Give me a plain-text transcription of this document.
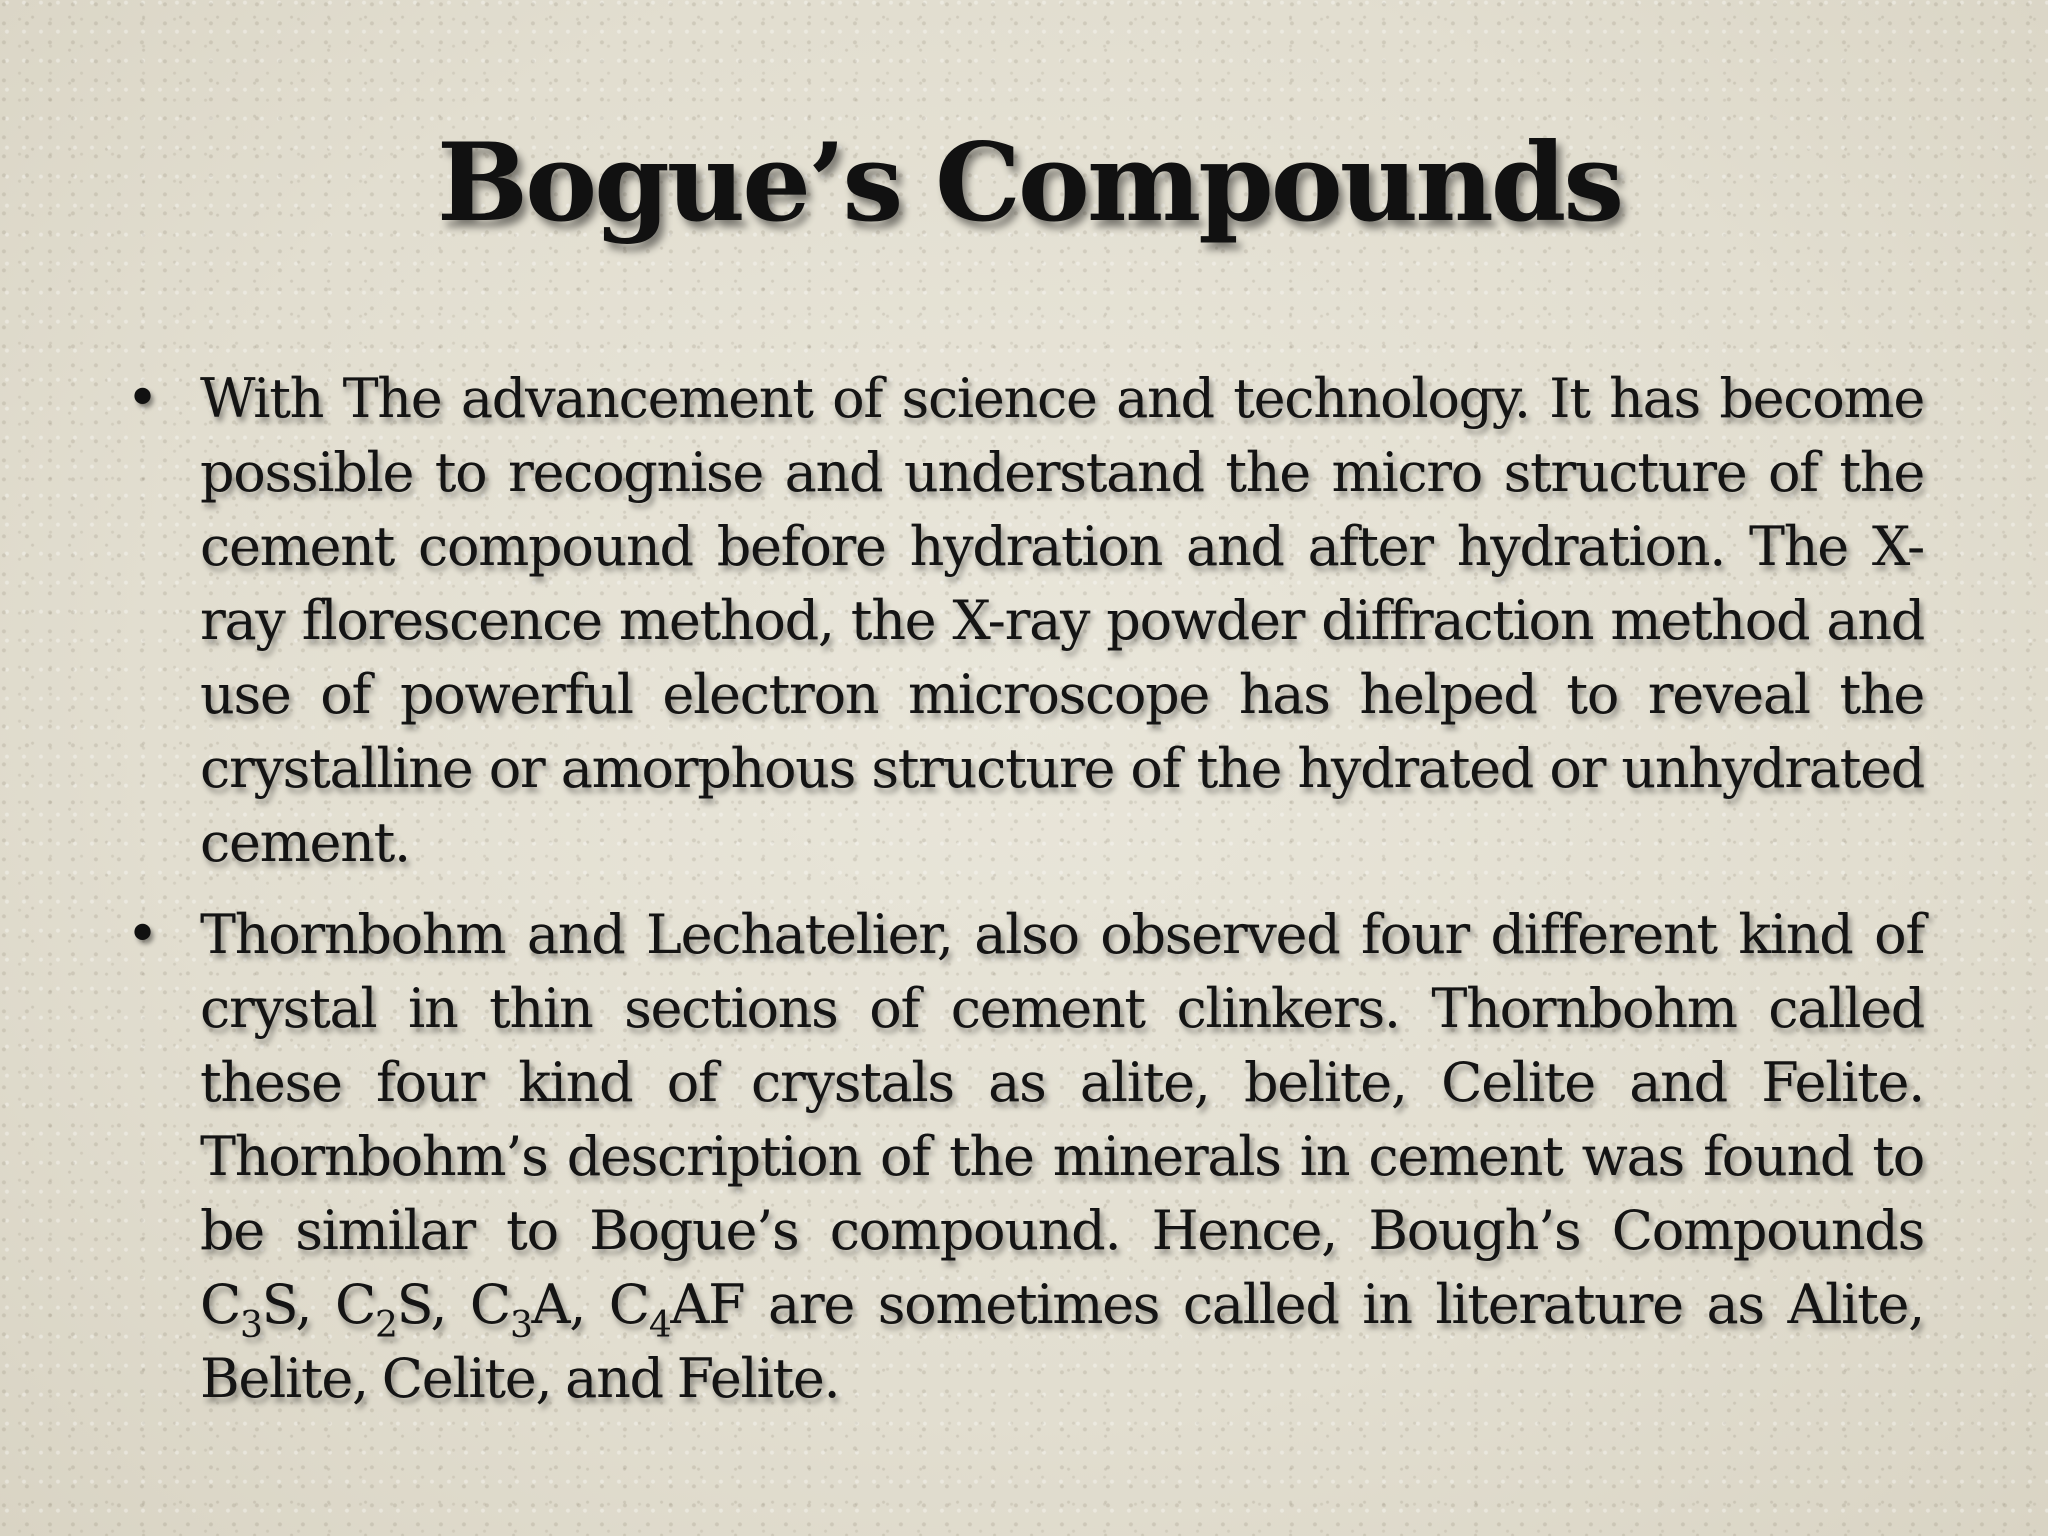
Bogue’s Compounds
• With The advancement of science and technology. It has become possible to recognise and understand the micro structure of the cement compound before hydration and after hydration. The X-ray florescence method, the X-ray powder diffraction method and use of powerful electron microscope has helped to reveal the crystalline or amorphous structure of the hydrated or unhydrated cement.
• Thornbohm and Lechatelier, also observed four different kind of crystal in thin sections of cement clinkers. Thornbohm called these four kind of crystals as alite, belite, Celite and Felite. Thornbohm’s description of the minerals in cement was found to be similar to Bogue’s compound. Hence, Bough’s Compounds $C_3S$, $C_2S$, $C_3A$, $C_4AF$ are sometimes called in literature as Alite, Belite, Celite, and Felite.
